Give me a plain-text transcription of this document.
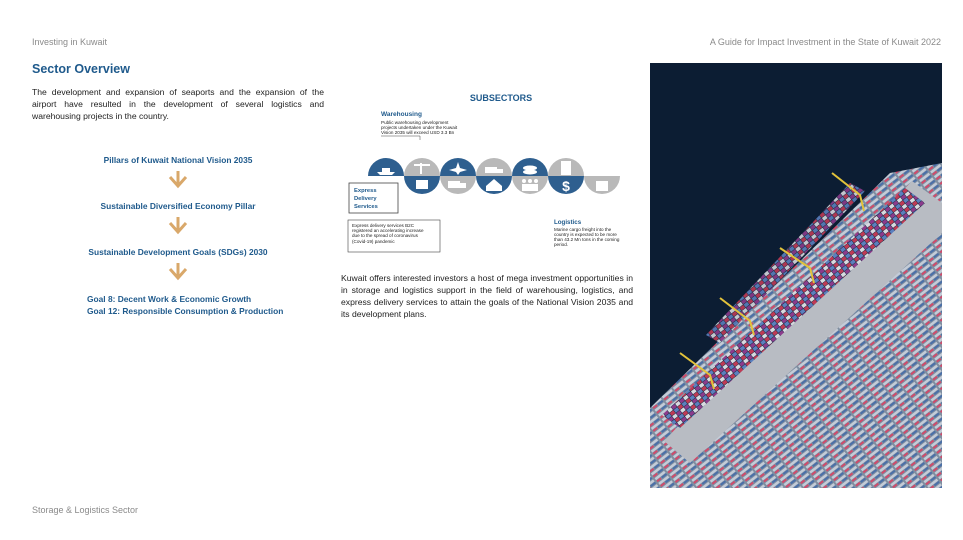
Investing in Kuwait	A Guide for Impact Investment in the State of Kuwait 2022
Sector Overview
The development and expansion of seaports and the expansion of the airport have resulted in the development of several logistics and warehousing projects in the country.
Pillars of Kuwait National Vision 2035
Sustainable Diversified Economy Pillar
Sustainable Development Goals (SDGs) 2030
Goal 8: Decent Work & Economic Growth
Goal 12: Responsible Consumption & Production
SUBSECTORS
Warehousing
Public warehousing development
projects undertaken under the Kuwait
Vision 2035 will exceed USD 3.3 Bn
$
Express
Delivery
Services
Express delivery services B2C
registered an accelerating increase
due to the spread of coronavirus
(Covid-19) pandemic
Logistics
Marine cargo freight into the
country is expected to be more
than 43.2 Mn tons in the coming
period.
Kuwait offers interested investors a host of mega investment opportunities in in storage and logistics support in the field of warehousing, logistics, and express delivery services to attain the goals of the National Vision 2035 and its development plans.
Storage & Logistics Sector
